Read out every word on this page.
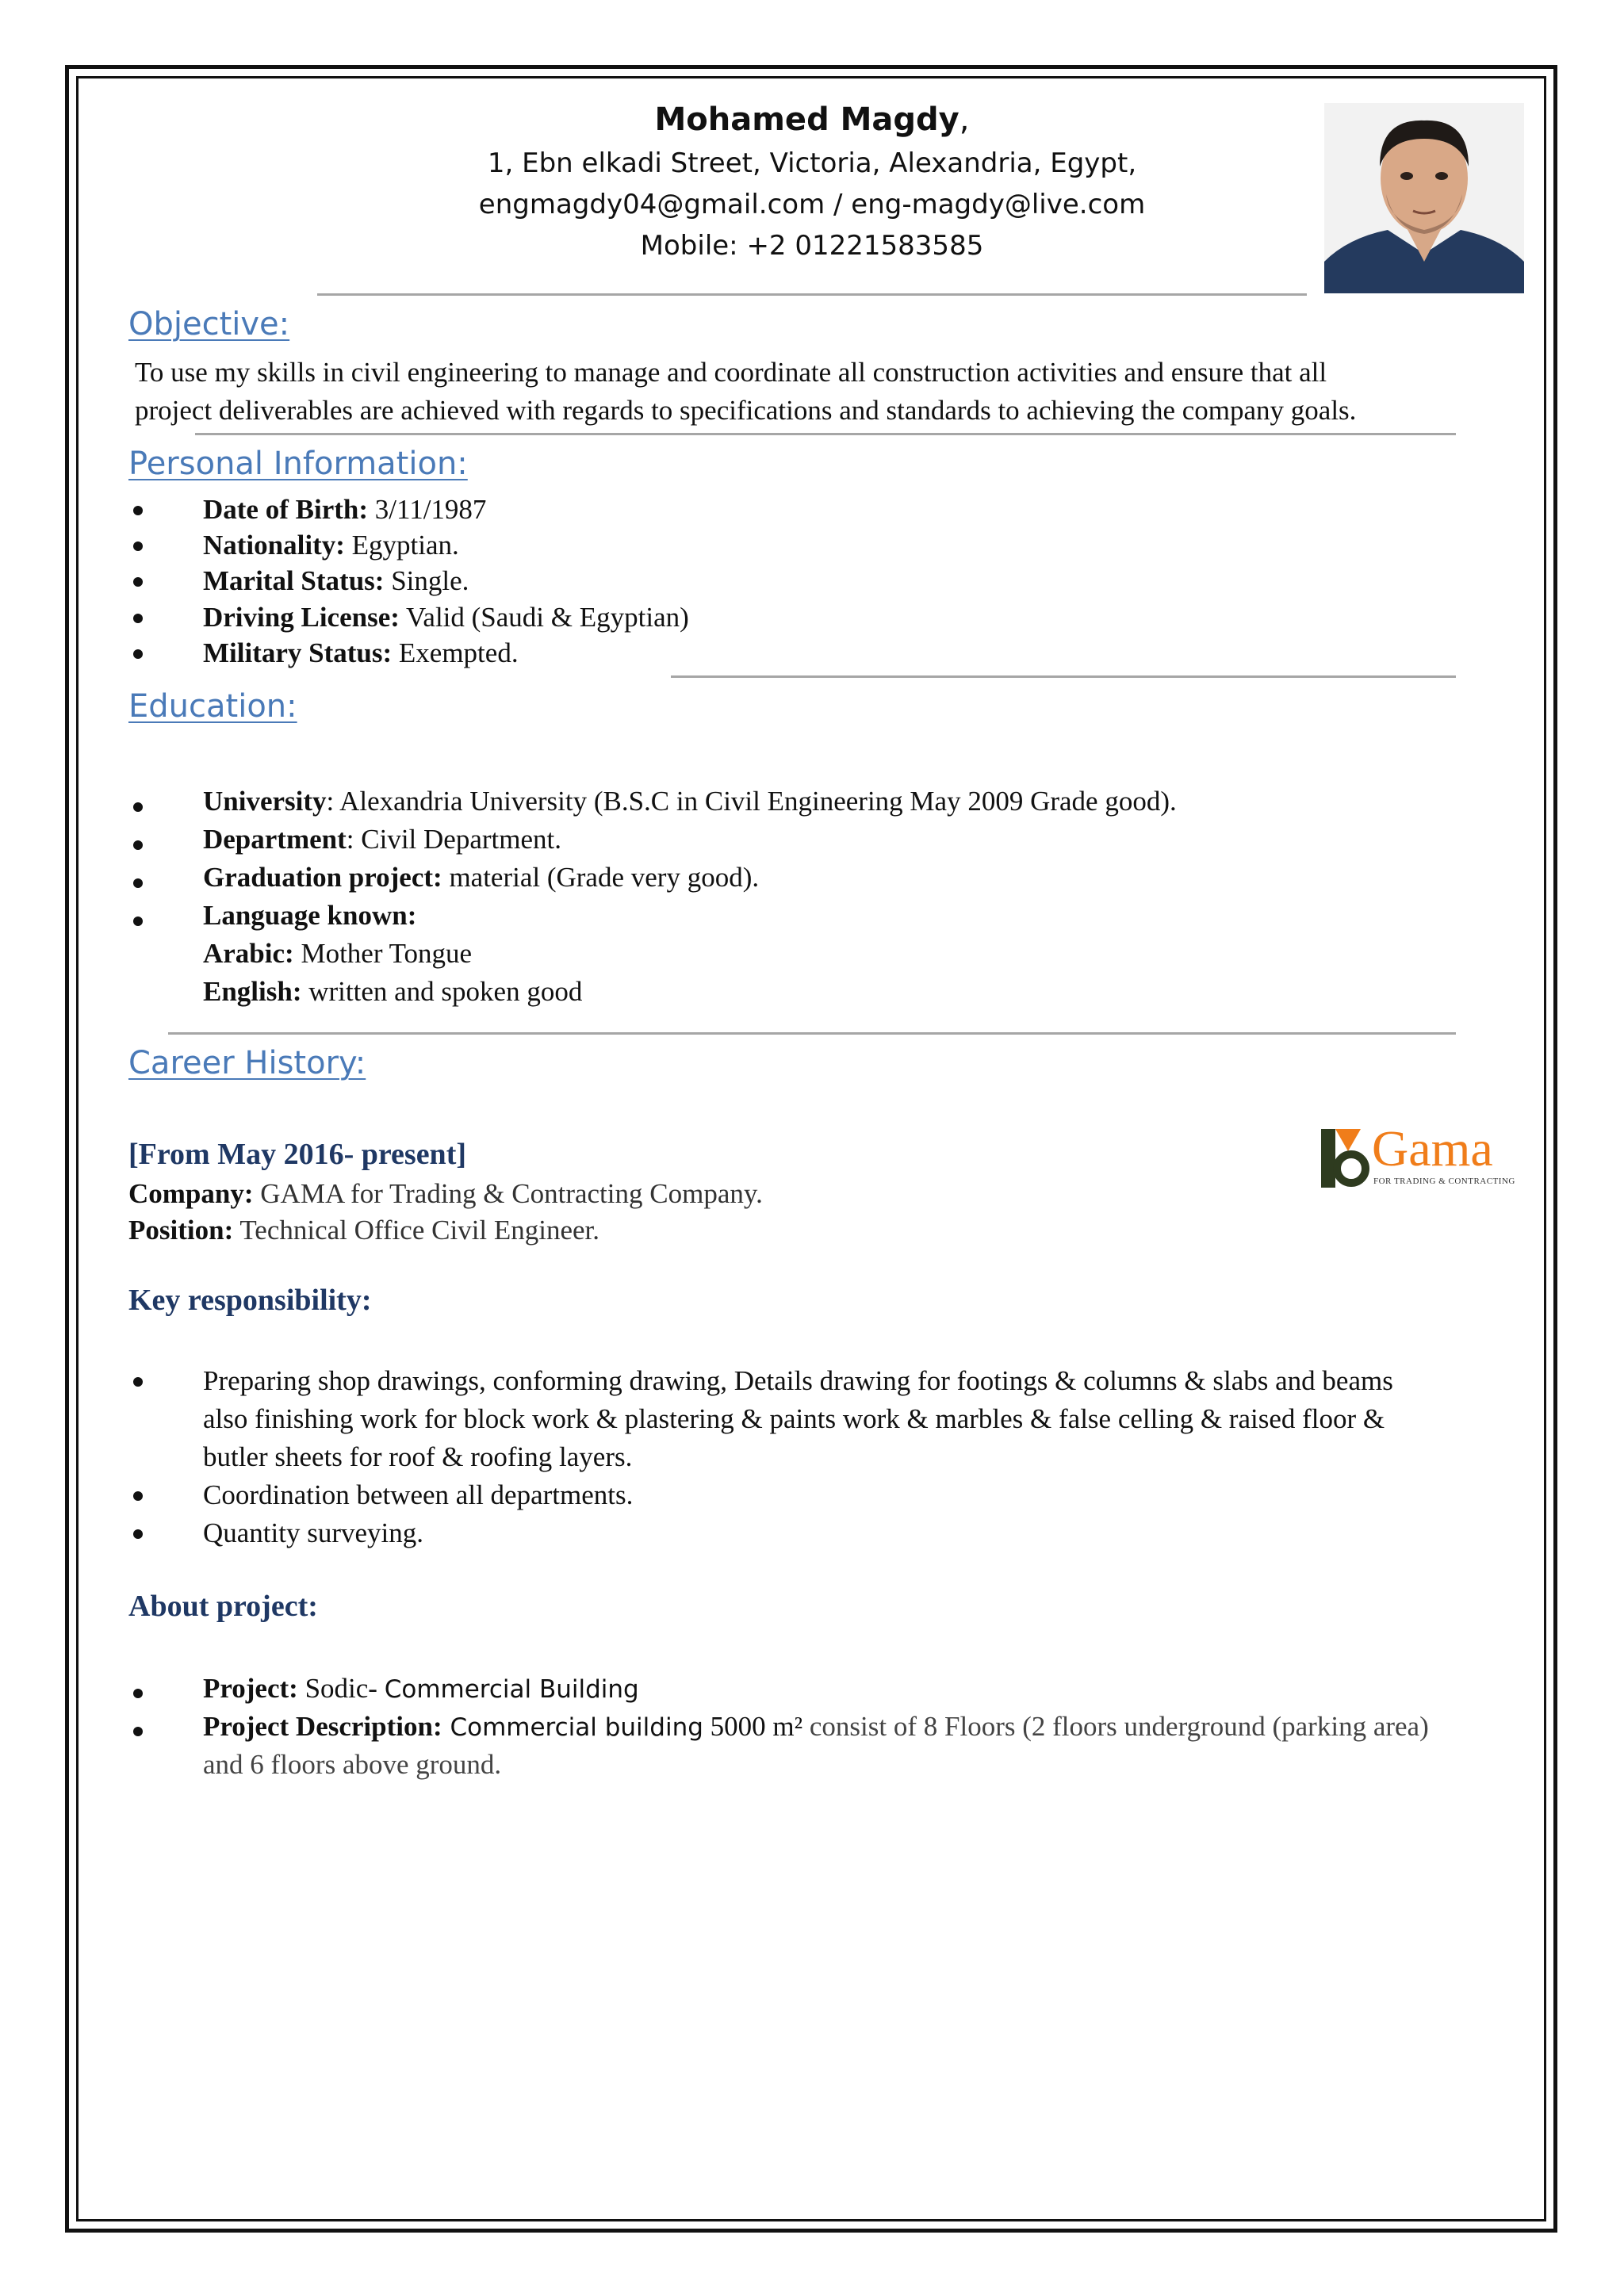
Mohamed Magdy,
1, Ebn elkadi Street, Victoria, Alexandria, Egypt,
engmagdy04@gmail.com / eng-magdy@live.com
Mobile: +2 01221583585
Objective:
To use my skills in civil engineering to manage and coordinate all construction activities and ensure that all
project deliverables are achieved with regards to specifications and standards to achieving the company goals.
Personal Information:
Date of Birth: 3/11/1987
Nationality: Egyptian.
Marital Status: Single.
Driving License: Valid (Saudi & Egyptian)
Military Status: Exempted.
Education:
University: Alexandria University (B.S.C in Civil Engineering May 2009 Grade good).
Department: Civil Department.
Graduation project: material (Grade very good).
Language known:
Arabic: Mother Tongue
English: written and spoken good
Career History:
[From May 2016- present]
Company: GAMA for Trading & Contracting Company.
Position: Technical Office Civil Engineer.
Gama
FOR TRADING & CONTRACTING
Key responsibility:
Preparing shop drawings, conforming drawing, Details drawing for footings & columns & slabs and beams
also finishing work for block work & plastering & paints work & marbles & false celling & raised floor &
butler sheets for roof & roofing layers.
Coordination between all departments.
Quantity surveying.
About project:
Project: Sodic- Commercial Building
Project Description: Commercial building 5000 m² consist of 8 Floors (2 floors underground (parking area)
and 6 floors above ground.
